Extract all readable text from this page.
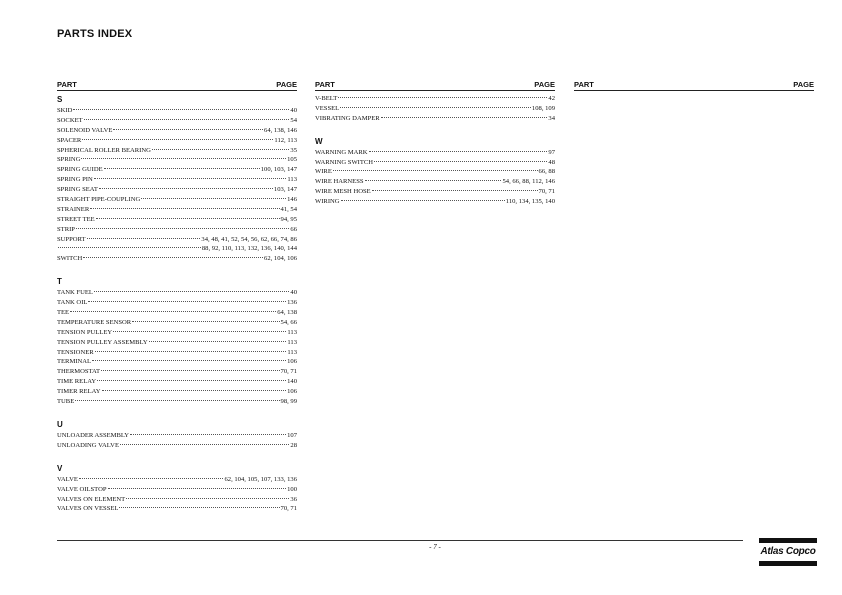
PARTS INDEX
PART	PAGE
S
SKID	40
SOCKET	54
SOLENOID VALVE	64, 138, 146
SPACER	112, 113
SPHERICAL ROLLER BEARING	35
SPRING	105
SPRING GUIDE	100, 103, 147
SPRING PIN	113
SPRING SEAT	103, 147
STRAIGHT PIPE-COUPLING	146
STRAINER	41, 54
STREET TEE	94, 95
STRIP	66
SUPPORT	34, 48, 41, 52, 54, 56, 62, 66, 74, 86
88, 92, 110, 113, 132, 136, 140, 144
SWITCH	62, 104, 106
T
TANK FUEL	40
TANK OIL	136
TEE	64, 138
TEMPERATURE SENSOR	54, 66
TENSION PULLEY	113
TENSION PULLEY ASSEMBLY	113
TENSIONER	113
TERMINAL	106
THERMOSTAT	70, 71
TIME RELAY	140
TIMER RELAY	106
TUBE	98, 99
U
UNLOADER ASSEMBLY	107
UNLOADING VALVE	28
V
VALVE	62, 104, 105, 107, 133, 136
VALVE OILSTOP	100
VALVES ON ELEMENT	36
VALVES ON VESSEL	70, 71
PART	PAGE
V-BELT	42
VESSEL	108, 109
VIBRATING DAMPER	34
W
WARNING MARK	97
WARNING SWITCH	48
WIRE	66, 88
WIRE HARNESS	54, 66, 88, 112, 146
WIRE MESH HOSE	70, 71
WIRING	110, 134, 135, 140
PART	PAGE
- 7 -	Atlas Copco
